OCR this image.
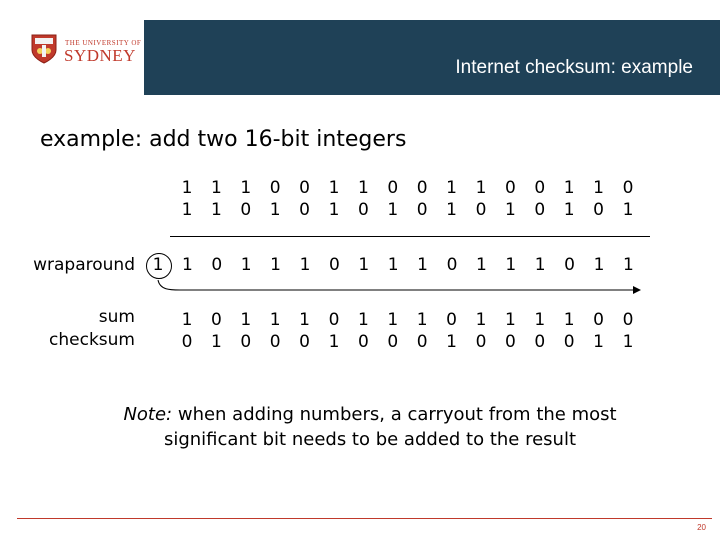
THE UNIVERSITY OF
SYDNEY
Internet checksum: example
example: add two 16-bit integers
1 1 1 0 0 1 1 0 0 1 1 0 0 1 1 0
1 1 0 1 0 1 0 1 0 1 0 1 0 1 0 1
wraparound 1 1 0 1 1 1 0 1 1 1 0 1 1 1 0 1 1
sum
checksum
1 0 1 1 1 0 1 1 1 0 1 1 1 1 0 0
0 1 0 0 0 1 0 0 0 1 0 0 0 0 1 1
Note: when adding numbers, a carryout from the most significant bit needs to be added to the result
20
